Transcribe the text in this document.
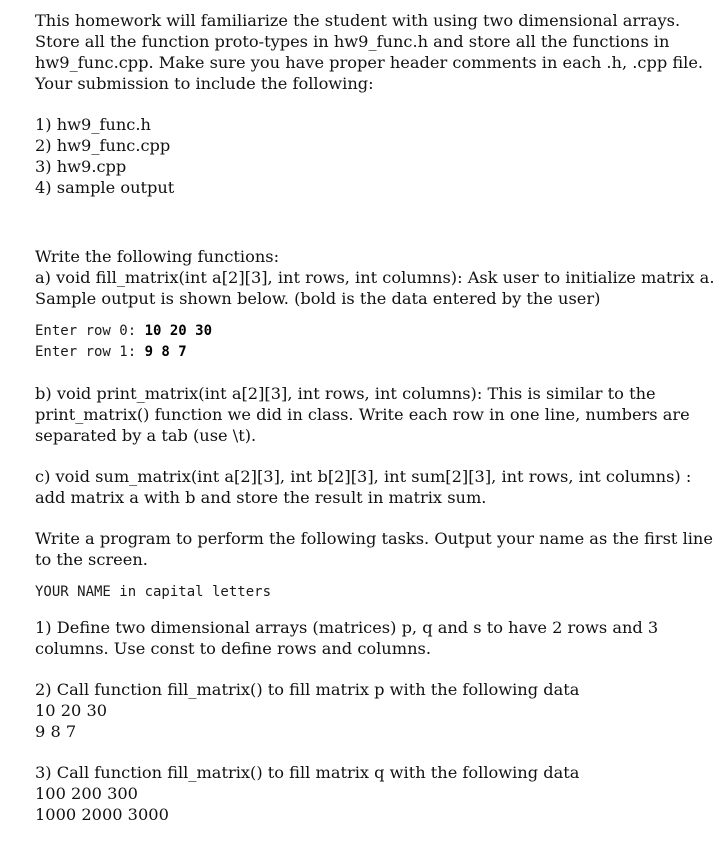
This homework will familiarize the student with using two dimensional arrays.

Store all the function proto-types in hw9_func.h and store all the functions in

hw9_func.cpp. Make sure you have proper header comments in each .h, .cpp file.

Your submission to include the following:

1) hw9_func.h

2) hw9_func.cpp

3) hw9.cpp

4) sample output

Write the following functions:

a) void fill_matrix(int a[2][3], int rows, int columns): Ask user to initialize matrix a.

Sample output is shown below. (bold is the data entered by the user)

Enter row 0: 10 20 30

Enter row 1: 9 8 7

b) void print_matrix(int a[2][3], int rows, int columns): This is similar to the

print_matrix() function we did in class. Write each row in one line, numbers are

separated by a tab (use \t).

c) void sum_matrix(int a[2][3], int b[2][3], int sum[2][3], int rows, int columns) :

add matrix a with b and store the result in matrix sum.

Write a program to perform the following tasks. Output your name as the first line

to the screen.

YOUR NAME in capital letters

1) Define two dimensional arrays (matrices) p, q and s to have 2 rows and 3

columns. Use const to define rows and columns.

2) Call function fill_matrix() to fill matrix p with the following data

10 20 30

9 8 7

3) Call function fill_matrix() to fill matrix q with the following data

100 200 300

1000 2000 3000
